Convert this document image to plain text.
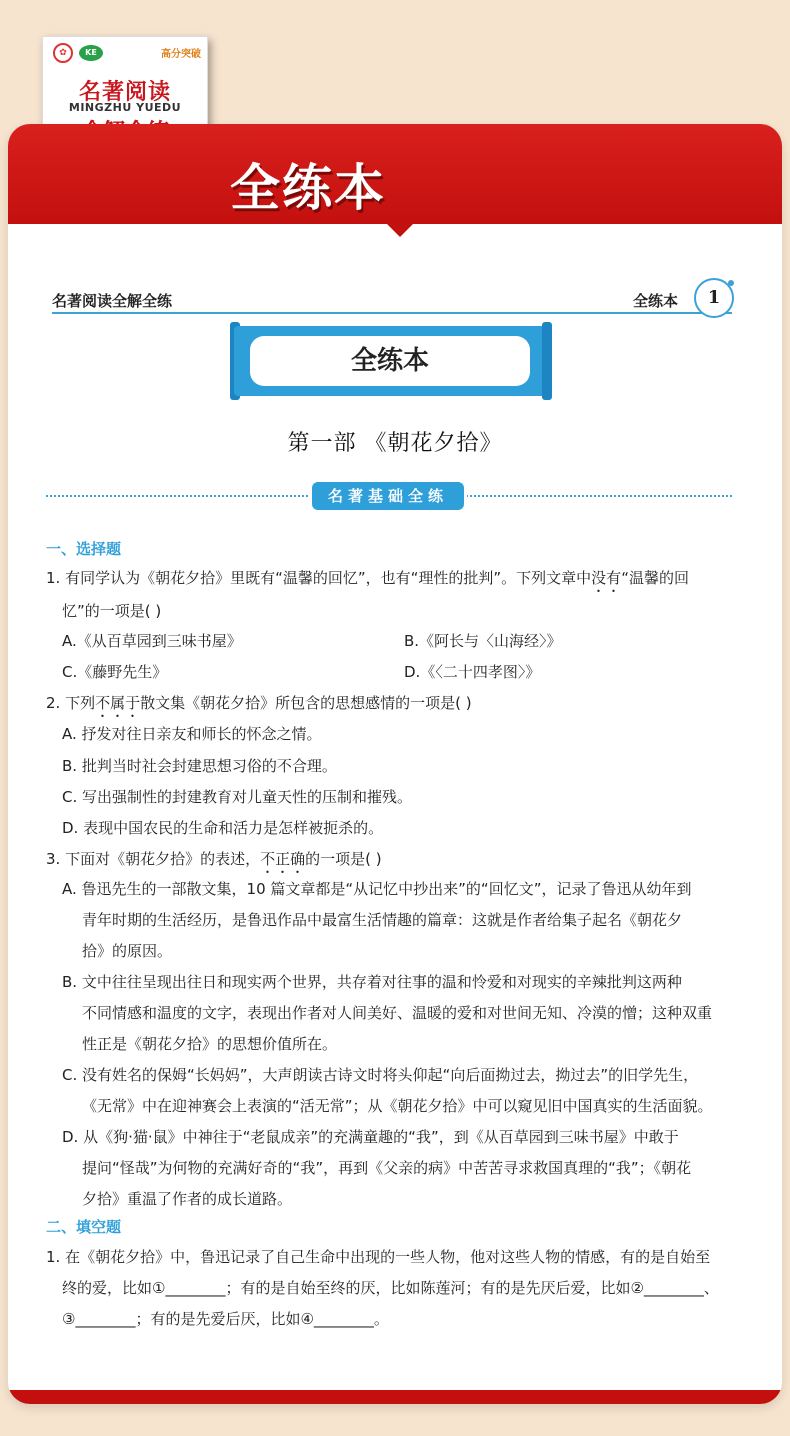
✿	KE	高分突破
名著阅读
MINGZHU YUEDU
全练本
名著阅读全解全练	全练本	1
全练本
第一部 《朝花夕拾》
名著基础全练
一、选择题
1. 有同学认为《朝花夕拾》里既有“温馨的回忆”，也有“理性的批判”。下列文章中没有“温馨的回
忆”的一项是( )
A.《从百草园到三味书屋》	B.《阿长与〈山海经〉》
C.《藤野先生》	D.《〈二十四孝图〉》
2. 下列不属于散文集《朝花夕拾》所包含的思想感情的一项是( )
A. 抒发对往日亲友和师长的怀念之情。
B. 批判当时社会封建思想习俗的不合理。
C. 写出强制性的封建教育对儿童天性的压制和摧残。
D. 表现中国农民的生命和活力是怎样被扼杀的。
3. 下面对《朝花夕拾》的表述，不正确的一项是( )
A. 鲁迅先生的一部散文集，10 篇文章都是“从记忆中抄出来”的“回忆文”，记录了鲁迅从幼年到
青年时期的生活经历，是鲁迅作品中最富生活情趣的篇章：这就是作者给集子起名《朝花夕
拾》的原因。
B. 文中往往呈现出往日和现实两个世界，共存着对往事的温和怜爱和对现实的辛辣批判这两种
不同情感和温度的文字，表现出作者对人间美好、温暖的爱和对世间无知、冷漠的憎；这种双重
性正是《朝花夕拾》的思想价值所在。
C. 没有姓名的保姆“长妈妈”，大声朗读古诗文时将头仰起“向后面拗过去，拗过去”的旧学先生，
《无常》中在迎神赛会上表演的“活无常”；从《朝花夕拾》中可以窥见旧中国真实的生活面貌。
D. 从《狗·猫·鼠》中神往于“老鼠成亲”的充满童趣的“我”，到《从百草园到三味书屋》中敢于
提问“怪哉”为何物的充满好奇的“我”，再到《父亲的病》中苦苦寻求救国真理的“我”；《朝花
夕拾》重温了作者的成长道路。
二、填空题
1. 在《朝花夕拾》中，鲁迅记录了自己生命中出现的一些人物，他对这些人物的情感，有的是自始至
终的爱，比如①________；有的是自始至终的厌，比如陈莲河；有的是先厌后爱，比如②________、
③________；有的是先爱后厌，比如④________。
